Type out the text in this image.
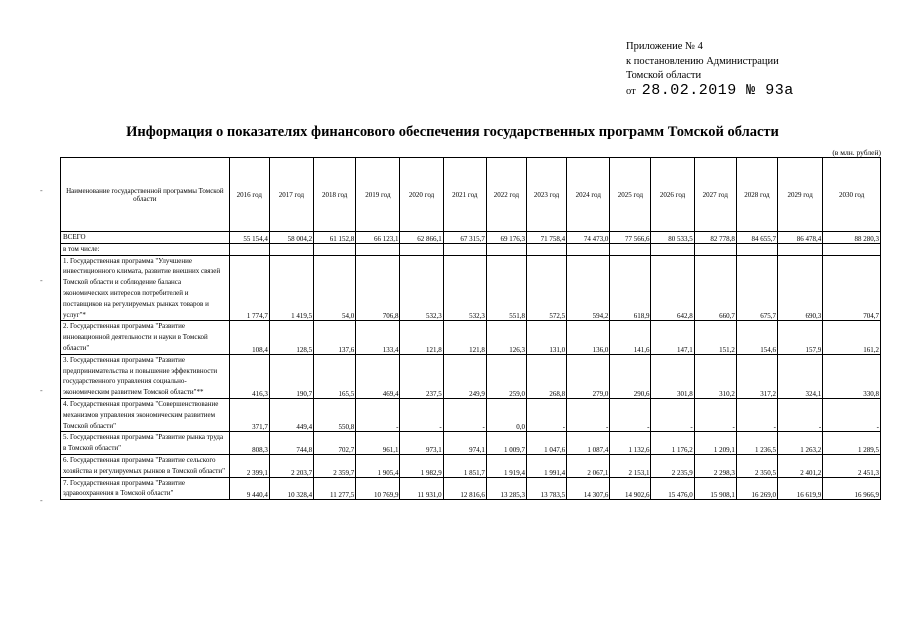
Приложение № 4
к постановлению Администрации
Томской области
от 28.02.2019 № 93а
Информация о показателях финансового обеспечения государственных программ Томской области
(в млн. рублей)
-
-
-
-
Наименование государственной программы Томской области	2016 год	2017 год	2018 год	2019 год	2020 год	2021 год	2022 год	2023 год	2024 год	2025 год	2026 год	2027 год	2028 год	2029 год	2030 год
ВСЕГО	55 154,4	58 004,2	61 152,8	66 123,1	62 866,1	67 315,7	69 176,3	71 758,4	74 473,0	77 566,6	80 533,5	82 778,8	84 655,7	86 478,4	88 280,3
в том числе:															
1. Государственная программа "Улучшение инвестиционного климата, развитие внешних связей Томской области и соблюдение баланса экономических интересов потребителей и поставщиков на регулируемых рынках товаров и услуг"*	1 774,7	1 419,5	54,0	706,8	532,3	532,3	551,8	572,5	594,2	618,9	642,8	660,7	675,7	690,3	704,7
2. Государственная программа "Развитие инновационной деятельности и науки в Томской области"	108,4	128,5	137,6	133,4	121,8	121,8	126,3	131,0	136,0	141,6	147,1	151,2	154,6	157,9	161,2
3. Государственная программа "Развитие предпринимательства и повышение эффективности государственного управления социально-экономическим развитием Томской области"**	416,3	190,7	165,5	469,4	237,5	249,9	259,0	268,8	279,0	290,6	301,8	310,2	317,2	324,1	330,8
4. Государственная программа "Совершенствование механизмов управления экономическим развитием Томской области"	371,7	449,4	550,8	-	-	-	0,0	-	-	-	-	-	-	-	-
5. Государственная программа "Развитие рынка труда в Томской области"	808,3	744,8	702,7	961,1	973,1	974,1	1 009,7	1 047,6	1 087,4	1 132,6	1 176,2	1 209,1	1 236,5	1 263,2	1 289,5
6. Государственная программа "Развитие сельского хозяйства и регулируемых рынков в Томской области"	2 399,1	2 203,7	2 359,7	1 905,4	1 982,9	1 851,7	1 919,4	1 991,4	2 067,1	2 153,1	2 235,9	2 298,3	2 350,5	2 401,2	2 451,3
7. Государственная программа "Развитие здравоохранения в Томской области"	9 440,4	10 328,4	11 277,5	10 769,9	11 931,0	12 816,6	13 285,3	13 783,5	14 307,6	14 902,6	15 476,0	15 908,1	16 269,0	16 619,9	16 966,9
